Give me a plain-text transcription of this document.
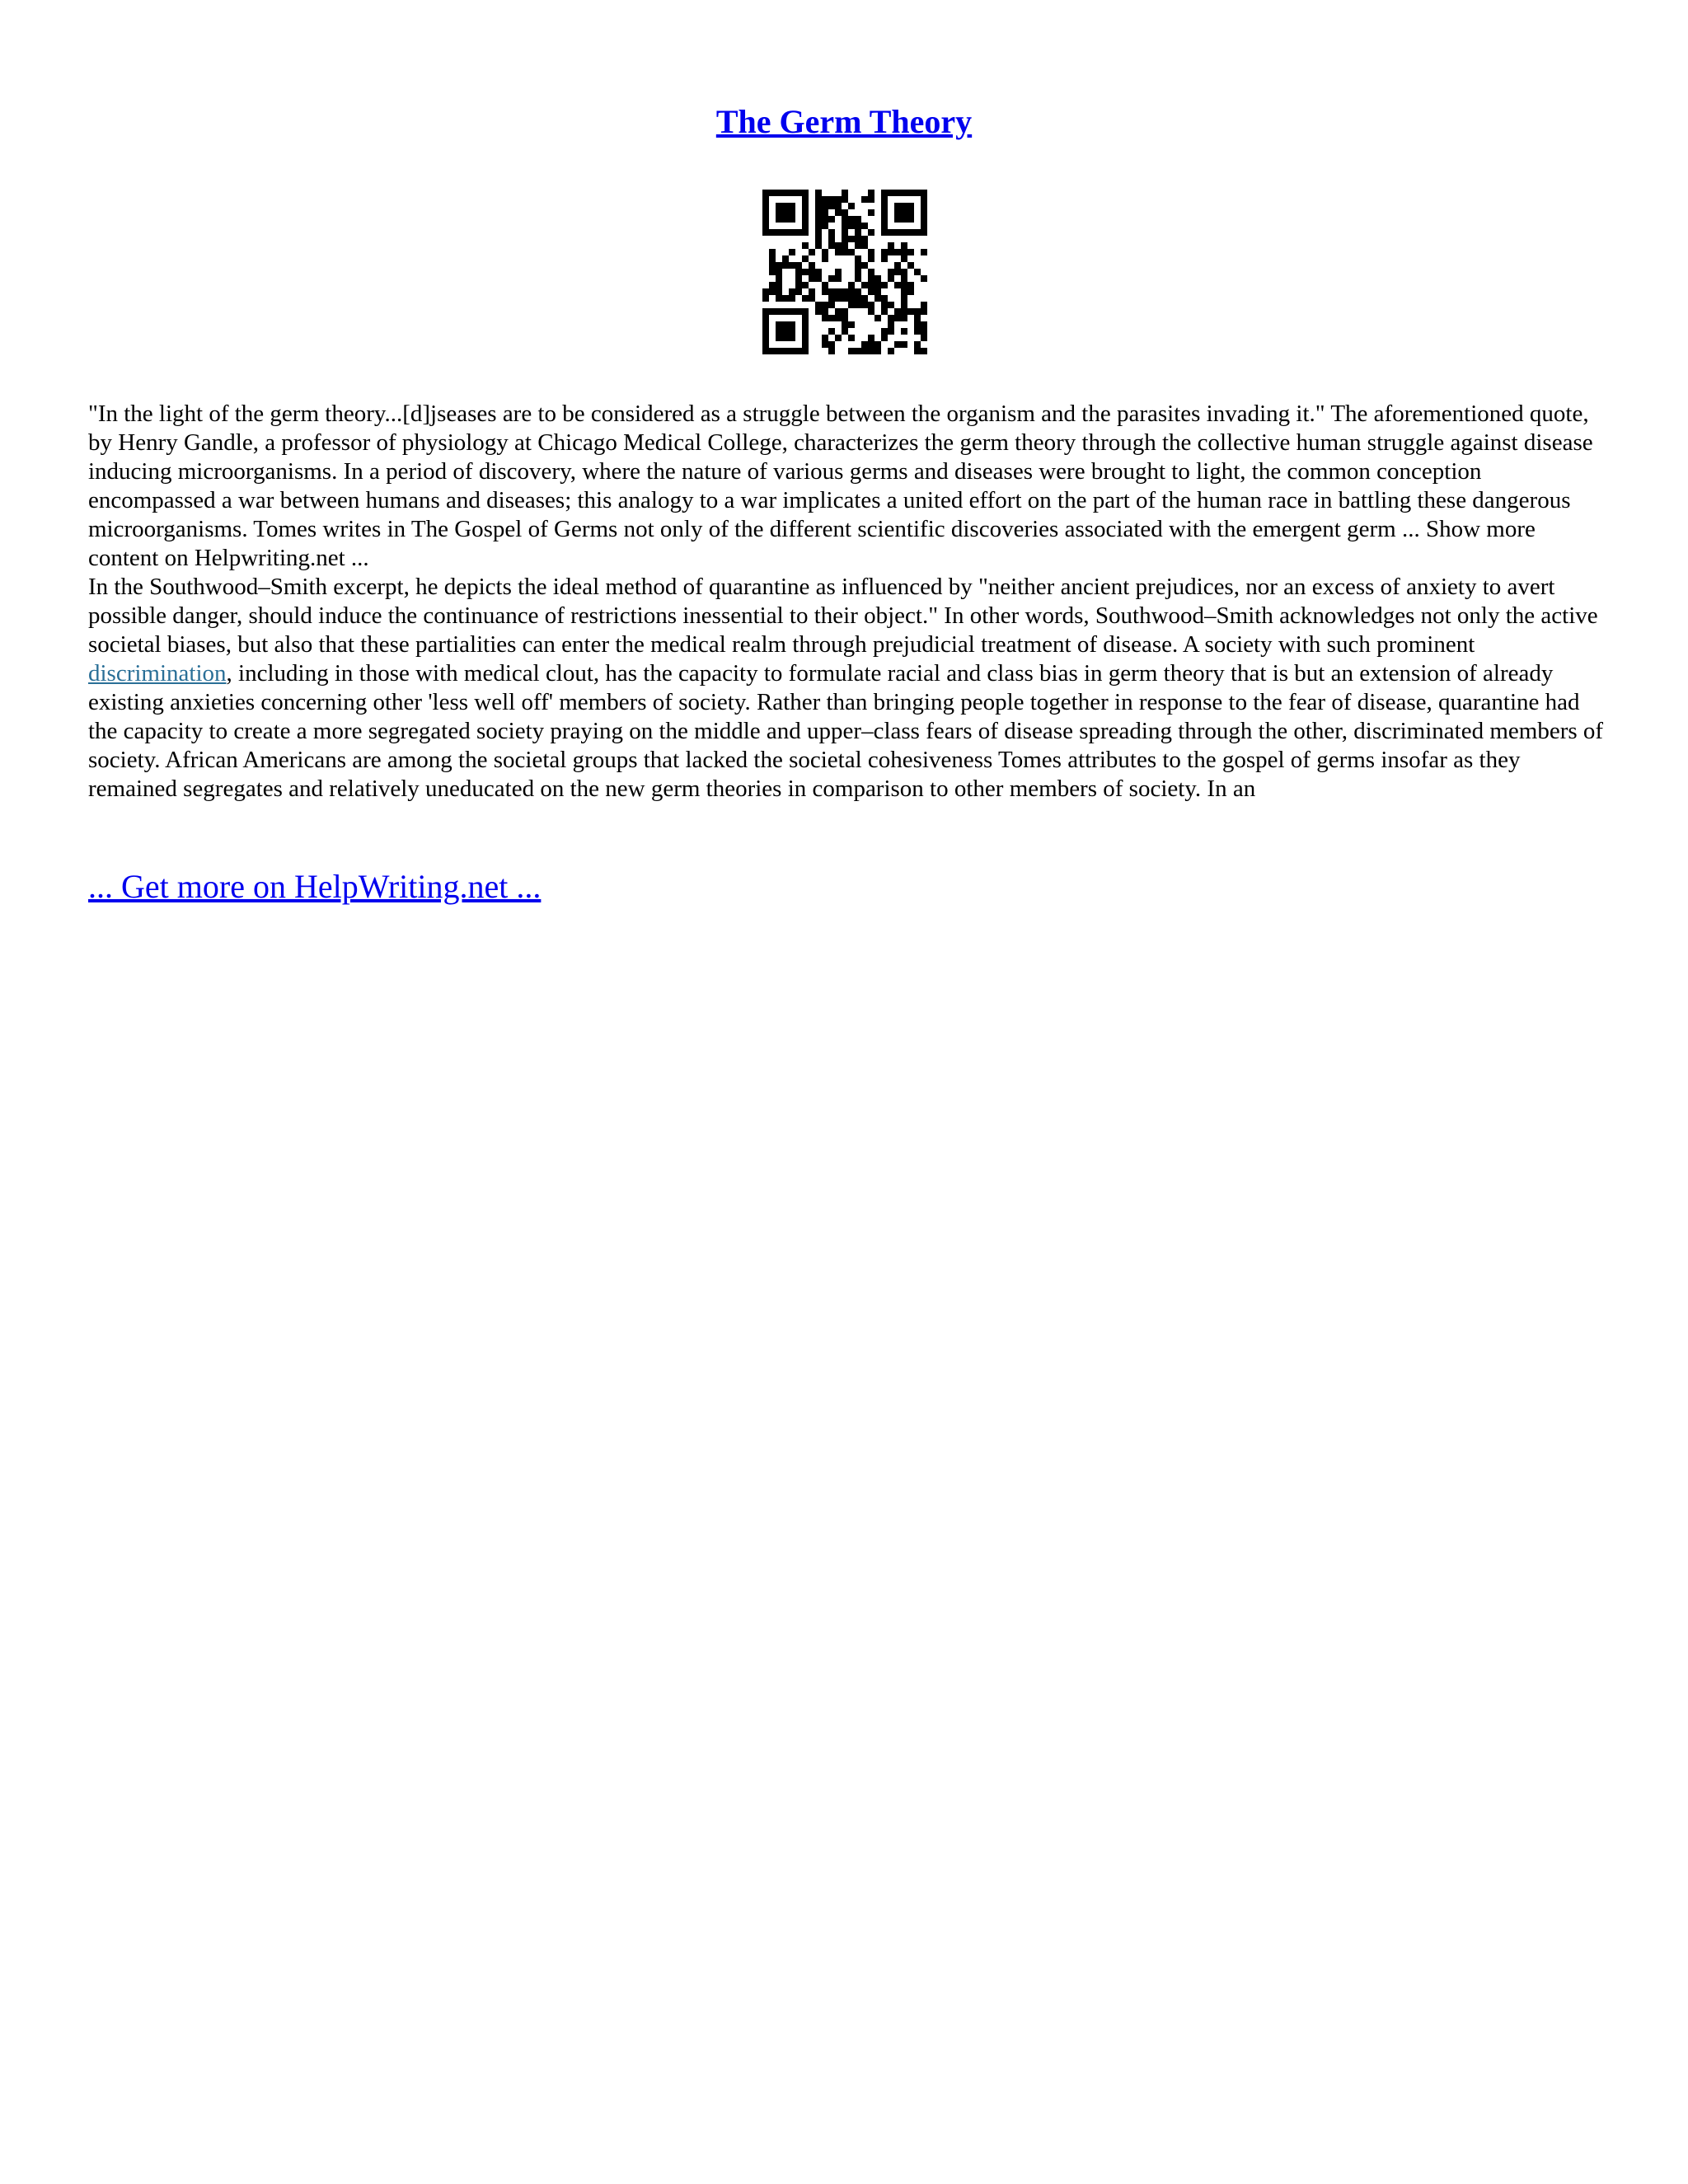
The Germ Theory

"In the light of the germ theory...[d]jseases are to be considered as a struggle between the organism and the parasites invading it." The aforementioned quote, by Henry Gandle, a professor of physiology at Chicago Medical College, characterizes the germ theory through the collective human struggle against disease inducing microorganisms. In a period of discovery, where the nature of various germs and diseases were brought to light, the common conception encompassed a war between humans and diseases; this analogy to a war implicates a united effort on the part of the human race in battling these dangerous microorganisms. Tomes writes in The Gospel of Germs not only of the different scientific discoveries associated with the emergent germ ... Show more content on Helpwriting.net ...

In the Southwood–Smith excerpt, he depicts the ideal method of quarantine as influenced by "neither ancient prejudices, nor an excess of anxiety to avert possible danger, should induce the continuance of restrictions inessential to their object." In other words, Southwood–Smith acknowledges not only the active societal biases, but also that these partialities can enter the medical realm through prejudicial treatment of disease. A society with such prominent discrimination, including in those with medical clout, has the capacity to formulate racial and class bias in germ theory that is but an extension of already existing anxieties concerning other 'less well off' members of society. Rather than bringing people together in response to the fear of disease, quarantine had the capacity to create a more segregated society praying on the middle and upper–class fears of disease spreading through the other, discriminated members of society. African Americans are among the societal groups that lacked the societal cohesiveness Tomes attributes to the gospel of germs insofar as they remained segregates and relatively uneducated on the new germ theories in comparison to other members of society. In an

... Get more on HelpWriting.net ...
